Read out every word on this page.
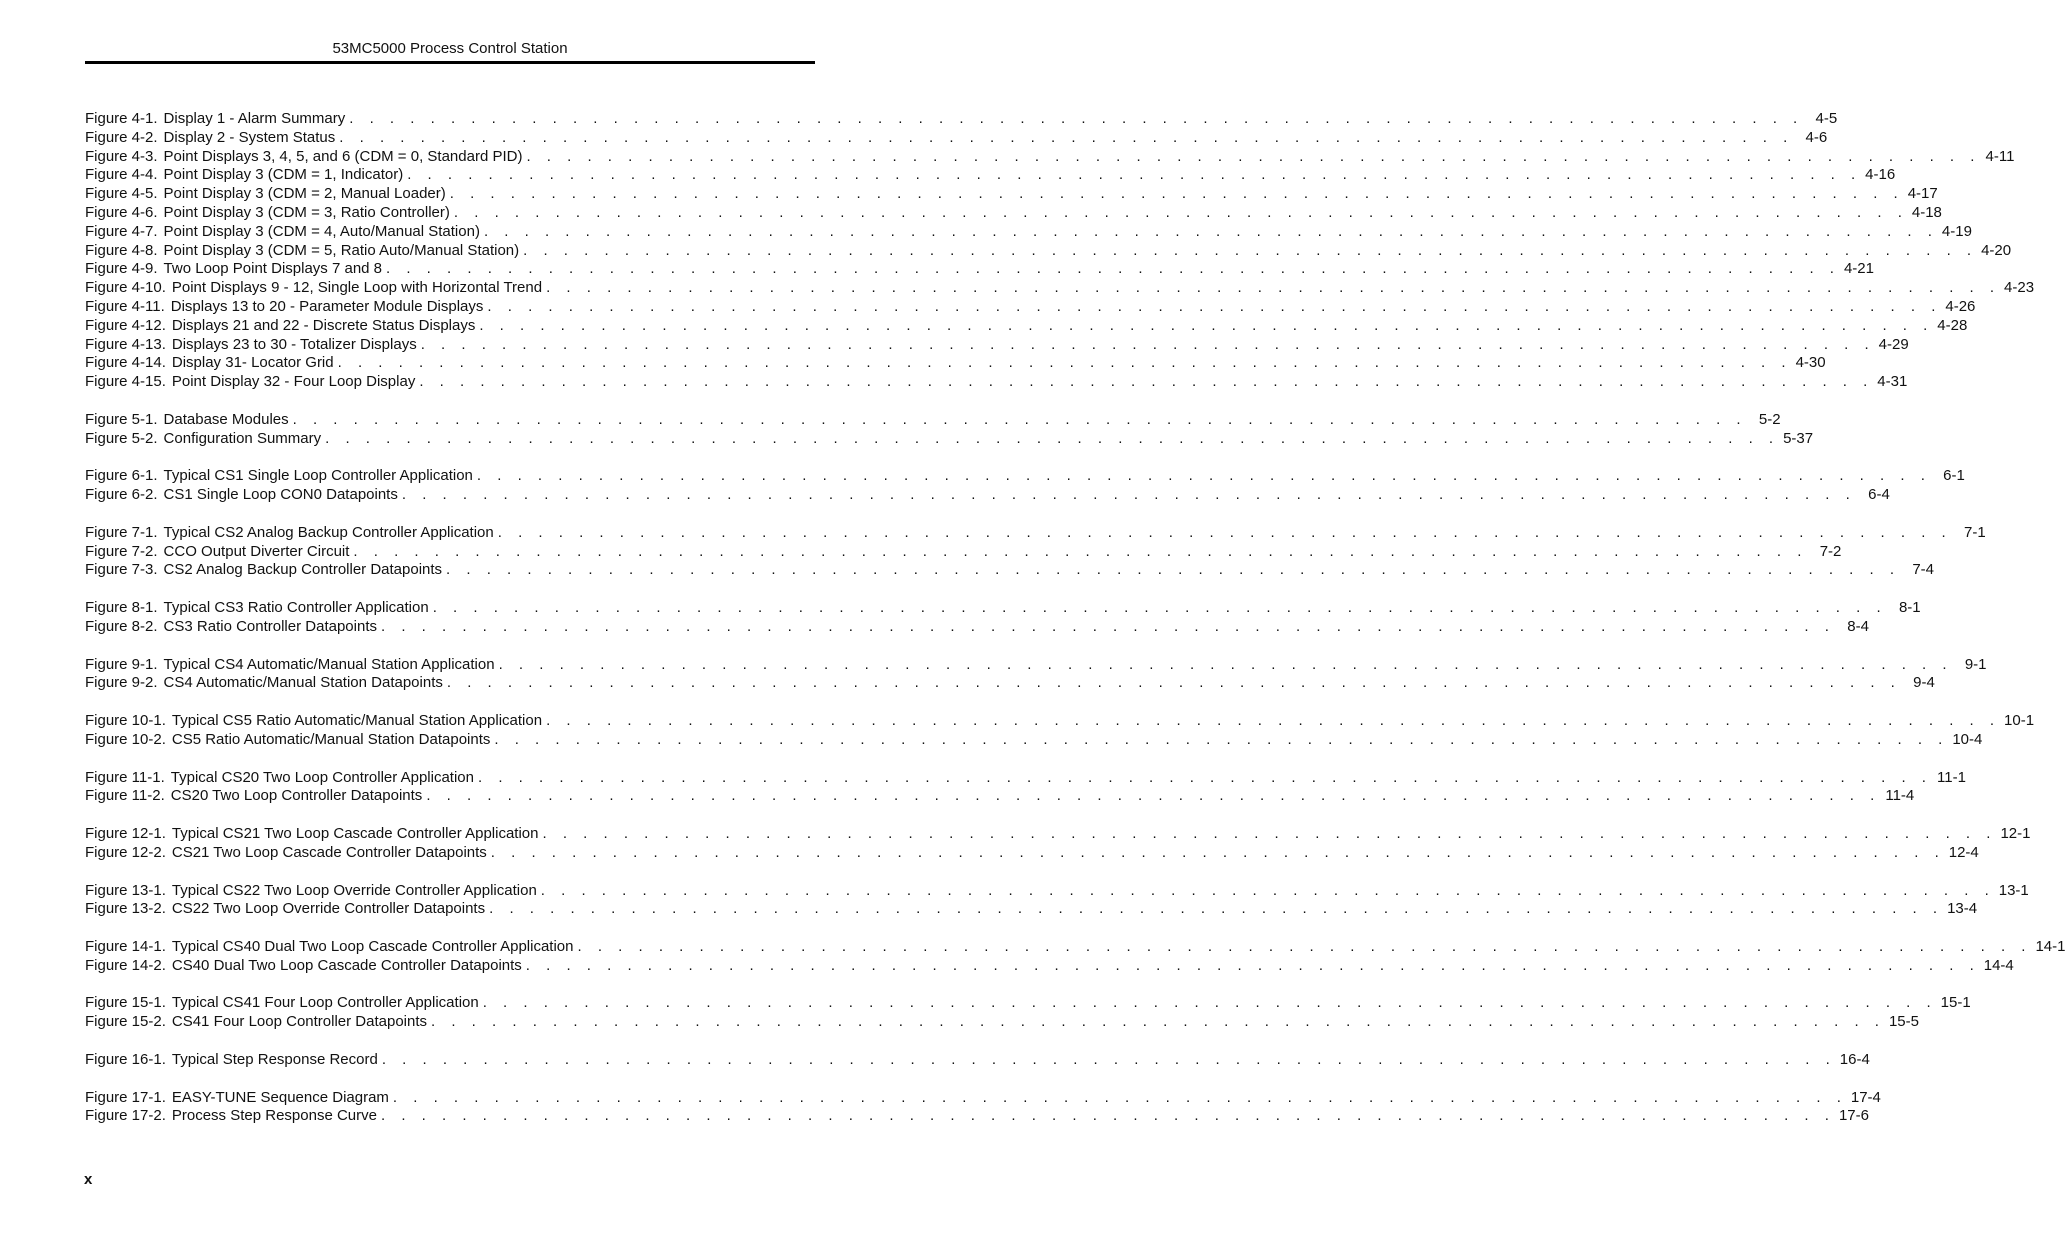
53MC5000 Process Control Station
Figure 4-1. Display 1 - Alarm Summary . . . . . . . . . . . . . . . . . . . . . . . . . . . . . . . . . . . . . . . . . . . . . . . . . . . . . . . . . . . . . . . . . . . . . . . . 4-5
Figure 4-2. Display 2 - System Status . . . . . . . . . . . . . . . . . . . . . . . . . . . . . . . . . . . . . . . . . . . . . . . . . . . . . . . . . . . . . . . . . . . . . . . . 4-6
Figure 4-3. Point Displays 3, 4, 5, and 6 (CDM = 0, Standard PID) . . . . . . . . . . . . . . . . . . . . . . . . . . . . . . . . . . . . . . . . . . . . . . . . . . . . . . . . . . . . . . . . . . . . . . . . 4-11
Figure 4-4. Point Display 3 (CDM = 1, Indicator) . . . . . . . . . . . . . . . . . . . . . . . . . . . . . . . . . . . . . . . . . . . . . . . . . . . . . . . . . . . . . . . . . . . . . . . . 4-16
Figure 4-5. Point Display 3 (CDM = 2, Manual Loader) . . . . . . . . . . . . . . . . . . . . . . . . . . . . . . . . . . . . . . . . . . . . . . . . . . . . . . . . . . . . . . . . . . . . . . . . 4-17
Figure 4-6. Point Display 3 (CDM = 3, Ratio Controller) . . . . . . . . . . . . . . . . . . . . . . . . . . . . . . . . . . . . . . . . . . . . . . . . . . . . . . . . . . . . . . . . . . . . . . . . 4-18
Figure 4-7. Point Display 3 (CDM = 4, Auto/Manual Station) . . . . . . . . . . . . . . . . . . . . . . . . . . . . . . . . . . . . . . . . . . . . . . . . . . . . . . . . . . . . . . . . . . . . . . . . 4-19
Figure 4-8. Point Display 3 (CDM = 5, Ratio Auto/Manual Station) . . . . . . . . . . . . . . . . . . . . . . . . . . . . . . . . . . . . . . . . . . . . . . . . . . . . . . . . . . . . . . . . . . . . . . . . 4-20
Figure 4-9. Two Loop Point Displays 7 and 8 . . . . . . . . . . . . . . . . . . . . . . . . . . . . . . . . . . . . . . . . . . . . . . . . . . . . . . . . . . . . . . . . . . . . . . . . 4-21
Figure 4-10. Point Displays 9 - 12, Single Loop with Horizontal Trend . . . . . . . . . . . . . . . . . . . . . . . . . . . . . . . . . . . . . . . . . . . . . . . . . . . . . . . . . . . . . . . . . . . . . . . . 4-23
Figure 4-11. Displays 13 to 20 - Parameter Module Displays . . . . . . . . . . . . . . . . . . . . . . . . . . . . . . . . . . . . . . . . . . . . . . . . . . . . . . . . . . . . . . . . . . . . . . . . 4-26
Figure 4-12. Displays 21 and 22 - Discrete Status Displays . . . . . . . . . . . . . . . . . . . . . . . . . . . . . . . . . . . . . . . . . . . . . . . . . . . . . . . . . . . . . . . . . . . . . . . . 4-28
Figure 4-13. Displays 23 to 30 - Totalizer Displays . . . . . . . . . . . . . . . . . . . . . . . . . . . . . . . . . . . . . . . . . . . . . . . . . . . . . . . . . . . . . . . . . . . . . . . . 4-29
Figure 4-14. Display 31- Locator Grid . . . . . . . . . . . . . . . . . . . . . . . . . . . . . . . . . . . . . . . . . . . . . . . . . . . . . . . . . . . . . . . . . . . . . . . . 4-30
Figure 4-15. Point Display 32 - Four Loop Display . . . . . . . . . . . . . . . . . . . . . . . . . . . . . . . . . . . . . . . . . . . . . . . . . . . . . . . . . . . . . . . . . . . . . . . . 4-31
Figure 5-1. Database Modules . . . . . . . . . . . . . . . . . . . . . . . . . . . . . . . . . . . . . . . . . . . . . . . . . . . . . . . . . . . . . . . . . . . . . . . . 5-2
Figure 5-2. Configuration Summary . . . . . . . . . . . . . . . . . . . . . . . . . . . . . . . . . . . . . . . . . . . . . . . . . . . . . . . . . . . . . . . . . . . . . . . . 5-37
Figure 6-1. Typical CS1 Single Loop Controller Application . . . . . . . . . . . . . . . . . . . . . . . . . . . . . . . . . . . . . . . . . . . . . . . . . . . . . . . . . . . . . . . . . . . . . . . . 6-1
Figure 6-2. CS1 Single Loop CON0 Datapoints . . . . . . . . . . . . . . . . . . . . . . . . . . . . . . . . . . . . . . . . . . . . . . . . . . . . . . . . . . . . . . . . . . . . . . . . 6-4
Figure 7-1. Typical CS2 Analog Backup Controller Application . . . . . . . . . . . . . . . . . . . . . . . . . . . . . . . . . . . . . . . . . . . . . . . . . . . . . . . . . . . . . . . . . . . . . . . . 7-1
Figure 7-2. CCO Output Diverter Circuit . . . . . . . . . . . . . . . . . . . . . . . . . . . . . . . . . . . . . . . . . . . . . . . . . . . . . . . . . . . . . . . . . . . . . . . . 7-2
Figure 7-3. CS2 Analog Backup Controller Datapoints . . . . . . . . . . . . . . . . . . . . . . . . . . . . . . . . . . . . . . . . . . . . . . . . . . . . . . . . . . . . . . . . . . . . . . . . 7-4
Figure 8-1. Typical CS3 Ratio Controller Application . . . . . . . . . . . . . . . . . . . . . . . . . . . . . . . . . . . . . . . . . . . . . . . . . . . . . . . . . . . . . . . . . . . . . . . . 8-1
Figure 8-2. CS3 Ratio Controller Datapoints . . . . . . . . . . . . . . . . . . . . . . . . . . . . . . . . . . . . . . . . . . . . . . . . . . . . . . . . . . . . . . . . . . . . . . . . 8-4
Figure 9-1. Typical CS4 Automatic/Manual Station Application . . . . . . . . . . . . . . . . . . . . . . . . . . . . . . . . . . . . . . . . . . . . . . . . . . . . . . . . . . . . . . . . . . . . . . . . 9-1
Figure 9-2. CS4 Automatic/Manual Station Datapoints . . . . . . . . . . . . . . . . . . . . . . . . . . . . . . . . . . . . . . . . . . . . . . . . . . . . . . . . . . . . . . . . . . . . . . . . 9-4
Figure 10-1. Typical CS5 Ratio Automatic/Manual Station Application . . . . . . . . . . . . . . . . . . . . . . . . . . . . . . . . . . . . . . . . . . . . . . . . . . . . . . . . . . . . . . . . . . . . . . . . 10-1
Figure 10-2. CS5 Ratio Automatic/Manual Station Datapoints . . . . . . . . . . . . . . . . . . . . . . . . . . . . . . . . . . . . . . . . . . . . . . . . . . . . . . . . . . . . . . . . . . . . . . . . 10-4
Figure 11-1. Typical CS20 Two Loop Controller Application . . . . . . . . . . . . . . . . . . . . . . . . . . . . . . . . . . . . . . . . . . . . . . . . . . . . . . . . . . . . . . . . . . . . . . . . 11-1
Figure 11-2. CS20 Two Loop Controller Datapoints . . . . . . . . . . . . . . . . . . . . . . . . . . . . . . . . . . . . . . . . . . . . . . . . . . . . . . . . . . . . . . . . . . . . . . . . 11-4
Figure 12-1. Typical CS21 Two Loop Cascade Controller Application . . . . . . . . . . . . . . . . . . . . . . . . . . . . . . . . . . . . . . . . . . . . . . . . . . . . . . . . . . . . . . . . . . . . . . . . 12-1
Figure 12-2. CS21 Two Loop Cascade Controller Datapoints . . . . . . . . . . . . . . . . . . . . . . . . . . . . . . . . . . . . . . . . . . . . . . . . . . . . . . . . . . . . . . . . . . . . . . . . 12-4
Figure 13-1. Typical CS22 Two Loop Override Controller Application . . . . . . . . . . . . . . . . . . . . . . . . . . . . . . . . . . . . . . . . . . . . . . . . . . . . . . . . . . . . . . . . . . . . . . . . 13-1
Figure 13-2. CS22 Two Loop Override Controller Datapoints . . . . . . . . . . . . . . . . . . . . . . . . . . . . . . . . . . . . . . . . . . . . . . . . . . . . . . . . . . . . . . . . . . . . . . . . 13-4
Figure 14-1. Typical CS40 Dual Two Loop Cascade Controller Application . . . . . . . . . . . . . . . . . . . . . . . . . . . . . . . . . . . . . . . . . . . . . . . . . . . . . . . . . . . . . . . . . . . . . . . . 14-1
Figure 14-2. CS40 Dual Two Loop Cascade Controller Datapoints . . . . . . . . . . . . . . . . . . . . . . . . . . . . . . . . . . . . . . . . . . . . . . . . . . . . . . . . . . . . . . . . . . . . . . . . 14-4
Figure 15-1. Typical CS41 Four Loop Controller Application . . . . . . . . . . . . . . . . . . . . . . . . . . . . . . . . . . . . . . . . . . . . . . . . . . . . . . . . . . . . . . . . . . . . . . . . 15-1
Figure 15-2. CS41 Four Loop Controller Datapoints . . . . . . . . . . . . . . . . . . . . . . . . . . . . . . . . . . . . . . . . . . . . . . . . . . . . . . . . . . . . . . . . . . . . . . . . 15-5
Figure 16-1. Typical Step Response Record . . . . . . . . . . . . . . . . . . . . . . . . . . . . . . . . . . . . . . . . . . . . . . . . . . . . . . . . . . . . . . . . . . . . . . . . 16-4
Figure 17-1. EASY-TUNE Sequence Diagram . . . . . . . . . . . . . . . . . . . . . . . . . . . . . . . . . . . . . . . . . . . . . . . . . . . . . . . . . . . . . . . . . . . . . . . . 17-4
Figure 17-2. Process Step Response Curve . . . . . . . . . . . . . . . . . . . . . . . . . . . . . . . . . . . . . . . . . . . . . . . . . . . . . . . . . . . . . . . . . . . . . . . . 17-6
x
